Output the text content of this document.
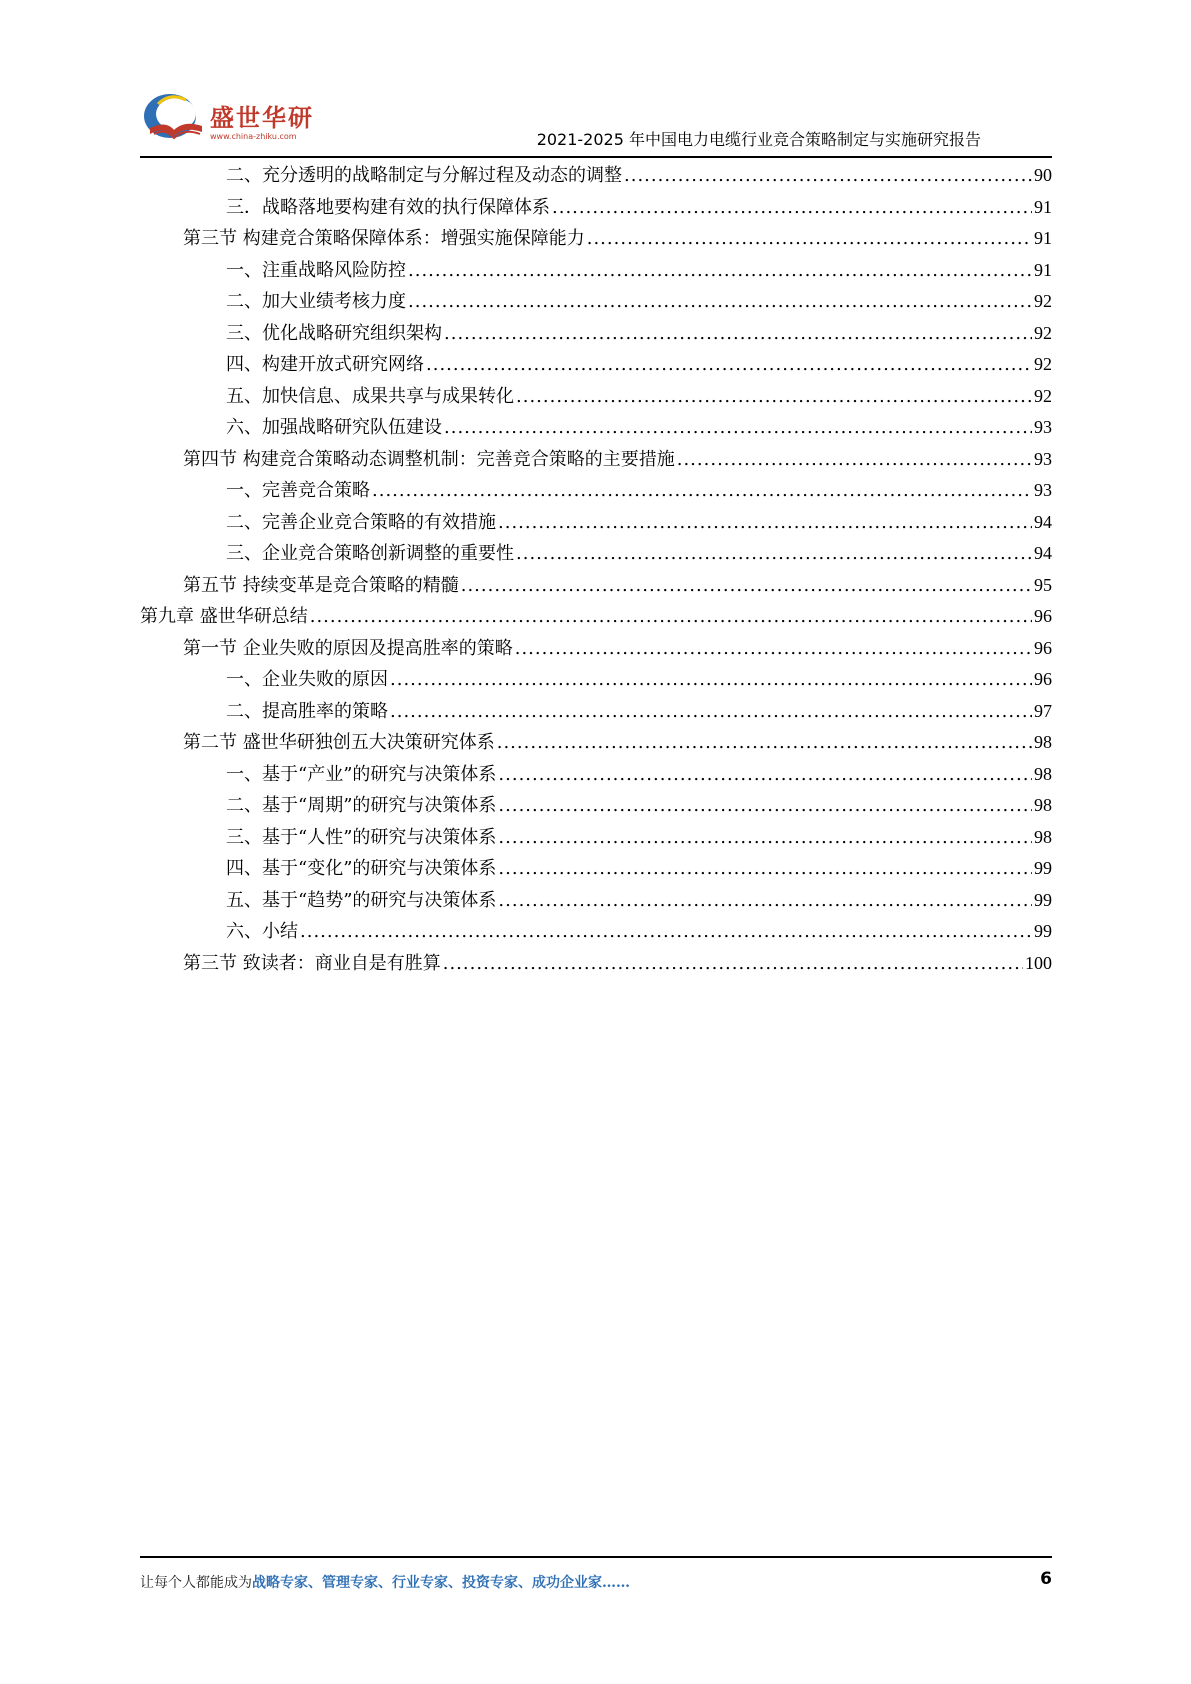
盛世华研
www.china-zhiku.com	2021-2025 年中国电力电缆行业竞合策略制定与实施研究报告
二、充分透明的战略制定与分解过程及动态的调整 .....	90
三．战略落地要构建有效的执行保障体系 .....	91
第三节 构建竞合策略保障体系：增强实施保障能力 .....	91
一、注重战略风险防控 .....	91
二、加大业绩考核力度 .....	92
三、优化战略研究组织架构 .....	92
四、构建开放式研究网络 .....	92
五、加快信息、成果共享与成果转化 .....	92
六、加强战略研究队伍建设 .....	93
第四节 构建竞合策略动态调整机制：完善竞合策略的主要措施 .....	93
一、完善竞合策略 .....	93
二、完善企业竞合策略的有效措施 .....	94
三、企业竞合策略创新调整的重要性 .....	94
第五节 持续变革是竞合策略的精髓 .....	95
第九章 盛世华研总结 .....	96
第一节 企业失败的原因及提高胜率的策略 .....	96
一、企业失败的原因 .....	96
二、提高胜率的策略 .....	97
第二节 盛世华研独创五大决策研究体系 .....	98
一、基于“产业”的研究与决策体系 .....	98
二、基于“周期”的研究与决策体系 .....	98
三、基于“人性”的研究与决策体系 .....	98
四、基于“变化”的研究与决策体系 .....	99
五、基于“趋势”的研究与决策体系 .....	99
六、小结 .....	99
第三节 致读者：商业自是有胜算 .....	100
让每个人都能成为战略专家、管理专家、行业专家、投资专家、成功企业家……	6
